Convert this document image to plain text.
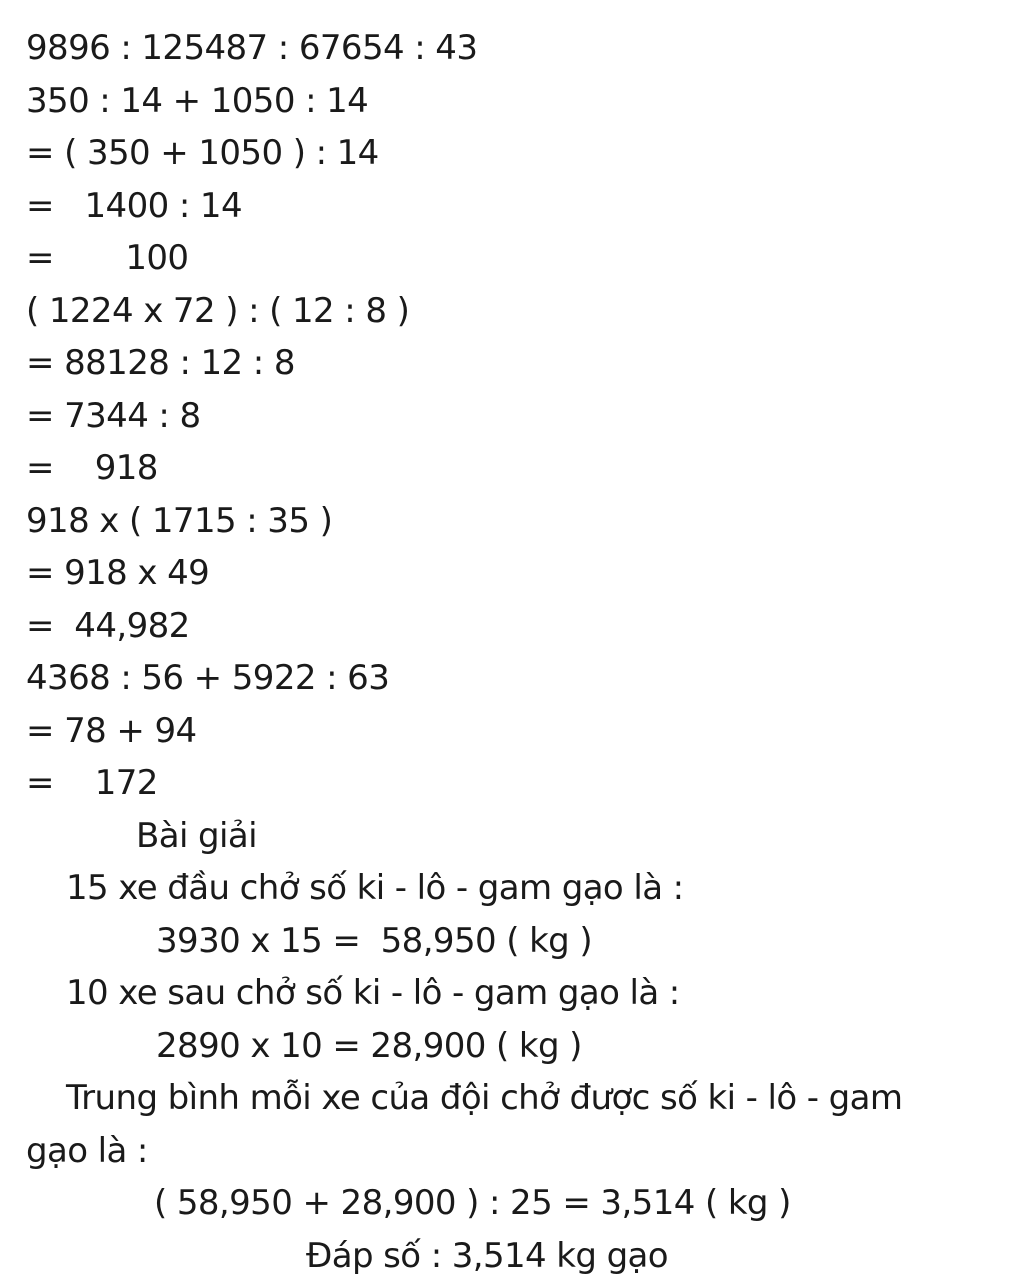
9896 : 125487 : 67654 : 43

350 : 14 + 1050 : 14

= ( 350 + 1050 ) : 14

=   1400 : 14

=       100

( 1224 x 72 ) : ( 12 : 8 )

= 88128 : 12 : 8

= 7344 : 8

=    918

918 x ( 1715 : 35 )

= 918 x 49

=  44,982

4368 : 56 + 5922 : 63

= 78 + 94

=    172

Bài giải

15 xe đầu chở số ki - lô - gam gạo là :

3930 x 15 =  58,950 ( kg )

10 xe sau chở số ki - lô - gam gạo là :

2890 x 10 = 28,900 ( kg )

Trung bình mỗi xe của đội chở được số ki - lô - gam

gạo là :

( 58,950 + 28,900 ) : 25 = 3,514 ( kg )

Đáp số : 3,514 kg gạo
